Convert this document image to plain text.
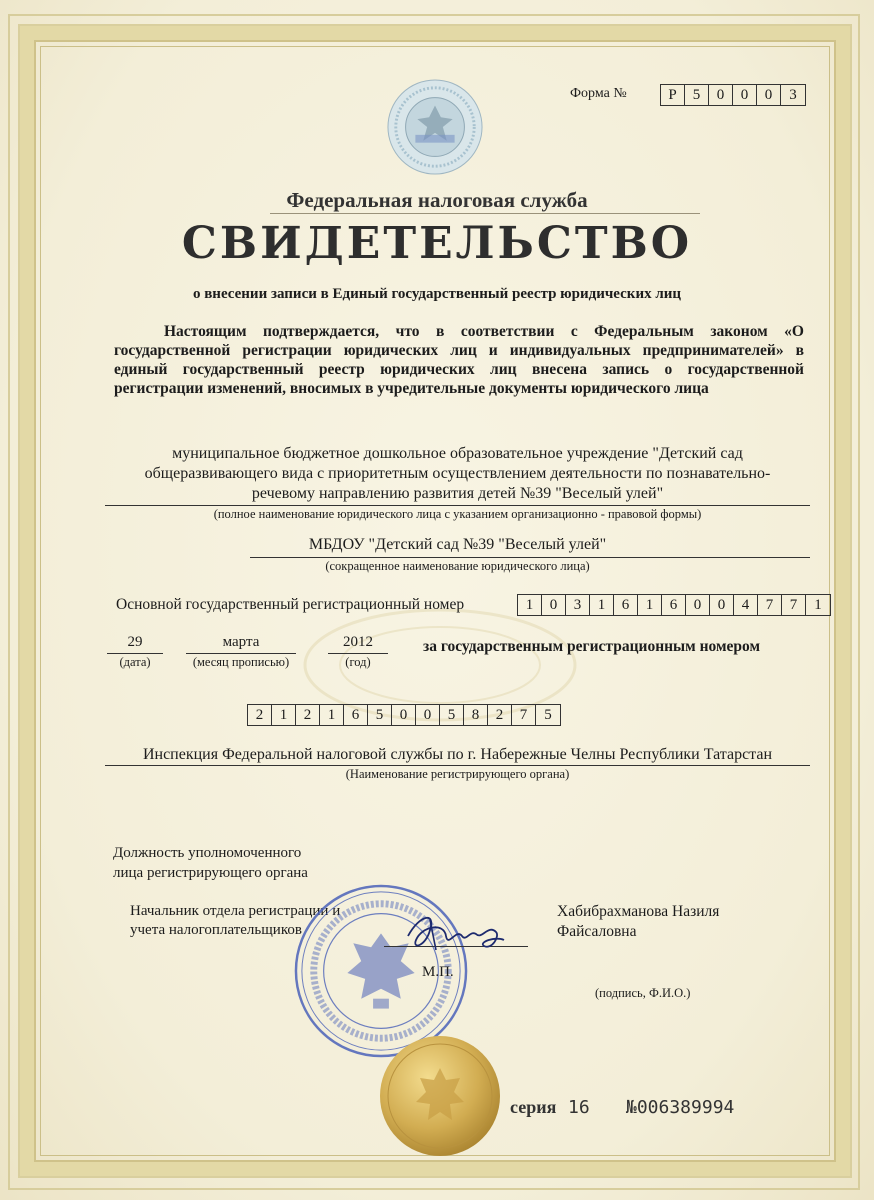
Форма №	Р	5	0	0	0	3
Федеральная налоговая служба
СВИДЕТЕЛЬСТВО
о внесении записи в Единый государственный реестр юридических лиц
Настоящим подтверждается, что в соответствии с Федеральным законом «О государственной регистрации юридических лиц и индивидуальных предпринимателей» в единый государственный реестр юридических лиц внесена запись о государственной регистрации изменений, вносимых в учредительные документы юридического лица
муниципальное бюджетное дошкольное образовательное учреждение "Детский сад
общеразвивающего вида с приоритетным осуществлением деятельности по познавательно-
речевому направлению развития детей №39 "Веселый улей"
(полное наименование юридического лица с указанием организационно - правовой формы)
МБДОУ "Детский сад №39 "Веселый улей"
(сокращенное наименование юридического лица)
Основной государственный регистрационный номер	1	0	3	1	6	1	6	0	0	4	7	7	1
29
(дата)
марта
(месяц прописью)
2012
(год)
за государственным регистрационным номером
2	1	2	1	6	5	0	0	5	8	2	7	5
Инспекция Федеральной налоговой службы по г. Набережные Челны Республики Татарстан
(Наименование регистрирующего органа)
Должность уполномоченного
лица регистрирующего органа
Начальник отдела регистрации и
учета налогоплательщиков
Хабибрахманова Назиля
Файсаловна
М.П.
(подпись, Ф.И.О.)
серия 16 №006389994
